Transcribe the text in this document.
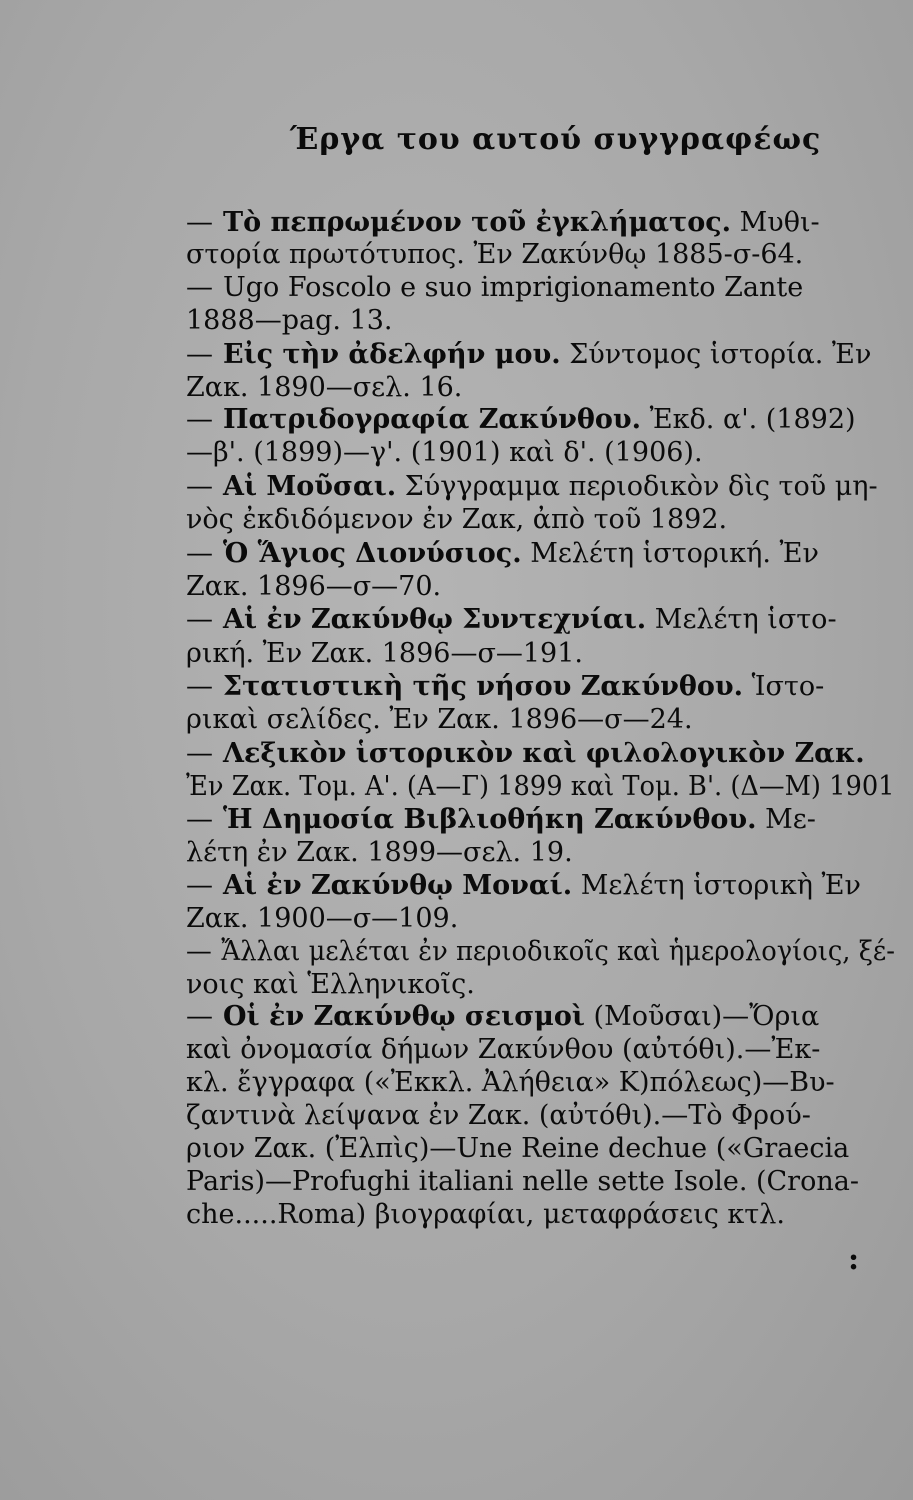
Έργα του αυτού συγγραφέως
— Τὸ πεπρωμένον τοῦ ἐγκλήματος. Μυθι-
στορία πρωτότυπος. Ἐν Ζακύνθῳ 1885-σ-64.
— Ugo Foscolo e suo imprigionamento Zante
1888—pag. 13.
— Εἰς τὴν ἀδελφήν μου. Σύντομος ἱστορία. Ἐν
Ζακ. 1890—σελ. 16.
— Πατριδογραφία Ζακύνθου. Ἐκδ. α'. (1892)
—β'. (1899)—γ'. (1901) καὶ δ'. (1906).
— Αἱ Μοῦσαι. Σύγγραμμα περιοδικὸν δὶς τοῦ μη-
νὸς ἐκδιδόμενον ἐν Ζακ, ἀπὸ τοῦ 1892.
— Ὁ Ἅγιος Διονύσιος. Μελέτη ἱστορική. Ἐν
Ζακ. 1896—σ—70.
— Αἱ ἐν Ζακύνθῳ Συντεχνίαι. Μελέτη ἱστο-
ρική. Ἐν Ζακ. 1896—σ—191.
— Στατιστικὴ τῆς νήσου Ζακύνθου. Ἱστο-
ρικαὶ σελίδες. Ἐν Ζακ. 1896—σ—24.
— Λεξικὸν ἱστορικὸν καὶ φιλολογικὸν Ζακ.
Ἐν Ζακ. Τομ. Α'. (Α—Γ) 1899 καὶ Τομ. Β'. (Δ—Μ) 1901
— Ἡ Δημοσία Βιβλιοθήκη Ζακύνθου. Με-
λέτη ἐν Ζακ. 1899—σελ. 19.
— Αἱ ἐν Ζακύνθῳ Μοναί. Μελέτη ἱστορικὴ Ἐν
Ζακ. 1900—σ—109.
— Ἄλλαι μελέται ἐν περιοδικοῖς καὶ ἡμερολογίοις, ξέ-
νοις καὶ Ἑλληνικοῖς.
— Οἱ ἐν Ζακύνθῳ σεισμοὶ (Μοῦσαι)—Ὄρια
καὶ ὀνομασία δήμων Ζακύνθου (αὐτόθι).—Ἐκ-
κλ. ἔγγραφα («Ἐκκλ. Ἀλήθεια» Κ)πόλεως)—Βυ-
ζαντινὰ λείψανα ἐν Ζακ. (αὐτόθι).—Τὸ Φρού-
ριον Ζακ. (Ἐλπὶς)—Une Reine dechue («Graecia
Paris)—Profughi italiani nelle sette Isole. (Crona-
che.....Roma) βιογραφίαι, μεταφράσεις κτλ.
:
